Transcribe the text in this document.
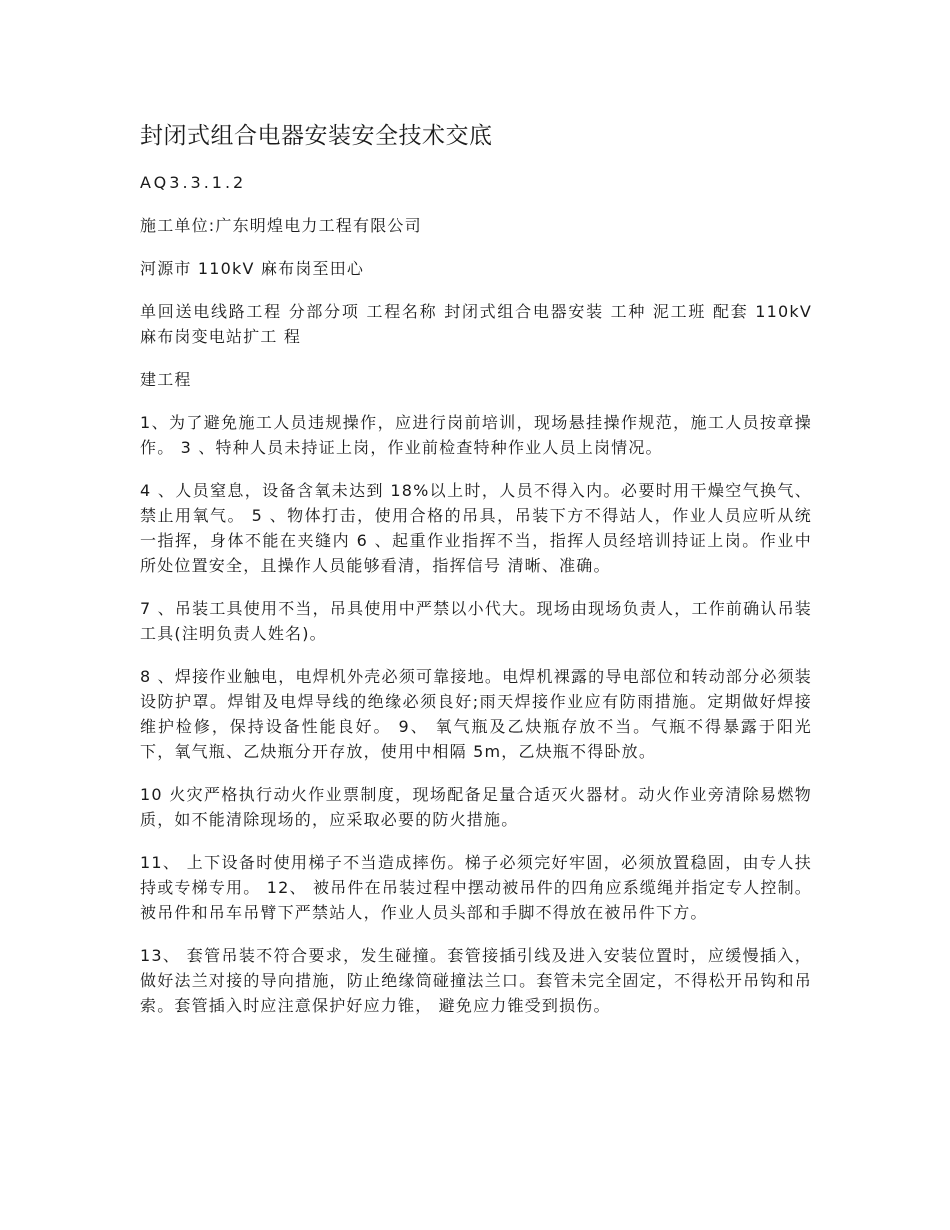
封闭式组合电器安装安全技术交底

AQ3.3.1.2

施工单位:广东明煌电力工程有限公司

河源市 110kV 麻布岗至田心

单回送电线路工程 分部分项 工程名称 封闭式组合电器安装 工种 泥工班 配套 110kV 麻布岗变电站扩工 程

建工程

1、为了避免施工人员违规操作，应进行岗前培训，现场悬挂操作规范，施工人员按章操作。 3 、特种人员未持证上岗，作业前检查特种作业人员上岗情况。

4 、人员窒息，设备含氧未达到 18%以上时，人员不得入内。必要时用干燥空气换气、禁止用氧气。 5 、物体打击，使用合格的吊具，吊装下方不得站人，作业人员应听从统一指挥，身体不能在夹缝内 6 、起重作业指挥不当，指挥人员经培训持证上岗。作业中所处位置安全，且操作人员能够看清，指挥信号 清晰、准确。

7 、吊装工具使用不当，吊具使用中严禁以小代大。现场由现场负责人，工作前确认吊装工具(注明负责人姓名)。

8 、焊接作业触电，电焊机外壳必须可靠接地。电焊机裸露的导电部位和转动部分必须装设防护罩。焊钳及电焊导线的绝缘必须良好;雨天焊接作业应有防雨措施。定期做好焊接维护检修，保持设备性能良好。 9、 氧气瓶及乙炔瓶存放不当。气瓶不得暴露于阳光下，氧气瓶、乙炔瓶分开存放，使用中相隔 5m，乙炔瓶不得卧放。

10 火灾严格执行动火作业票制度，现场配备足量合适灭火器材。动火作业旁清除易燃物质，如不能清除现场的，应采取必要的防火措施。

11、 上下设备时使用梯子不当造成摔伤。梯子必须完好牢固，必须放置稳固，由专人扶持或专梯专用。 12、 被吊件在吊装过程中摆动被吊件的四角应系缆绳并指定专人控制。被吊件和吊车吊臂下严禁站人，作业人员头部和手脚不得放在被吊件下方。

13、 套管吊装不符合要求，发生碰撞。套管接插引线及进入安装位置时，应缓慢插入，做好法兰对接的导向措施，防止绝缘筒碰撞法兰口。套管未完全固定，不得松开吊钩和吊索。套管插入时应注意保护好应力锥， 避免应力锥受到损伤。
